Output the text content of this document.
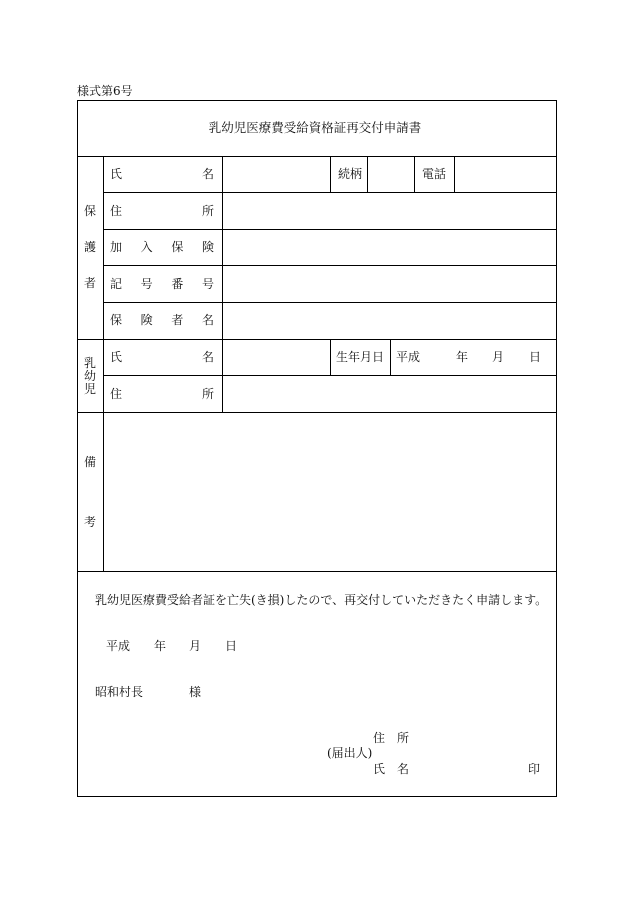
様式第6号
乳幼児医療費受給資格証再交付申請書
保
護
者
氏	名	続柄	電話
住	所
加 入 保 険
記 号 番 号
保 険 者 名
乳
幼
児
氏	名	生年月日 平成	年 月 日
住	所
備
考
乳幼児医療費受給者証を亡失(き損)したので、再交付していただきたく申請します。
平成 年 月 日
昭和村長	様
住 所
(届出人)
氏 名	印
